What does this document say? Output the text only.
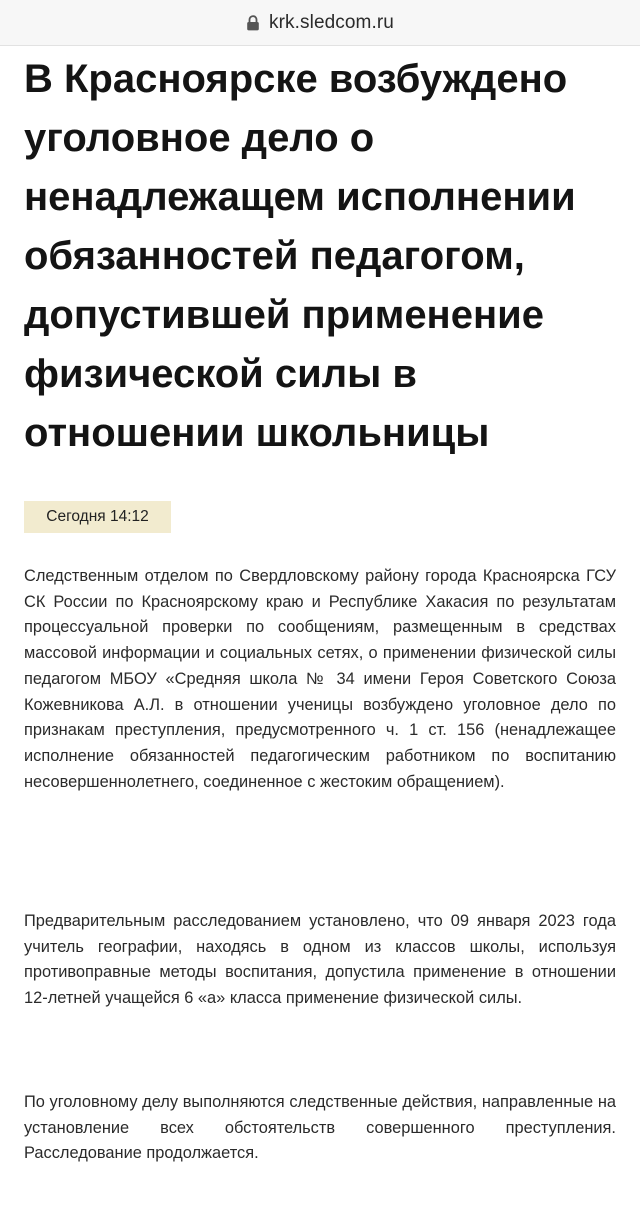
krk.sledcom.ru
В Красноярске возбуждено уголовное дело о ненадлежащем исполнении обязанностей педагогом, допустившей применение физической силы в отношении школьницы
Сегодня 14:12

Следственным отделом по Свердловскому району города Красноярска ГСУ СК России по Красноярскому краю и Республике Хакасия по результатам процессуальной проверки по сообщениям, размещенным в средствах массовой информации и социальных сетях, о применении физической силы педагогом МБОУ «Средняя школа № 34 имени Героя Советского Союза Кожевникова А.Л. в отношении ученицы возбуждено уголовное дело по признакам преступления, предусмотренного ч. 1 ст. 156 (ненадлежащее исполнение обязанностей педагогическим работником по воспитанию несовершеннолетнего, соединенное с жестоким обращением).

Предварительным расследованием установлено, что 09 января 2023 года учитель географии, находясь в одном из классов школы, используя противоправные методы воспитания, допустила применение в отношении 12-летней учащейся 6 «а» класса применение физической силы.

По уголовному делу выполняются следственные действия, направленные на установление всех обстоятельств совершенного преступления. Расследование продолжается.
